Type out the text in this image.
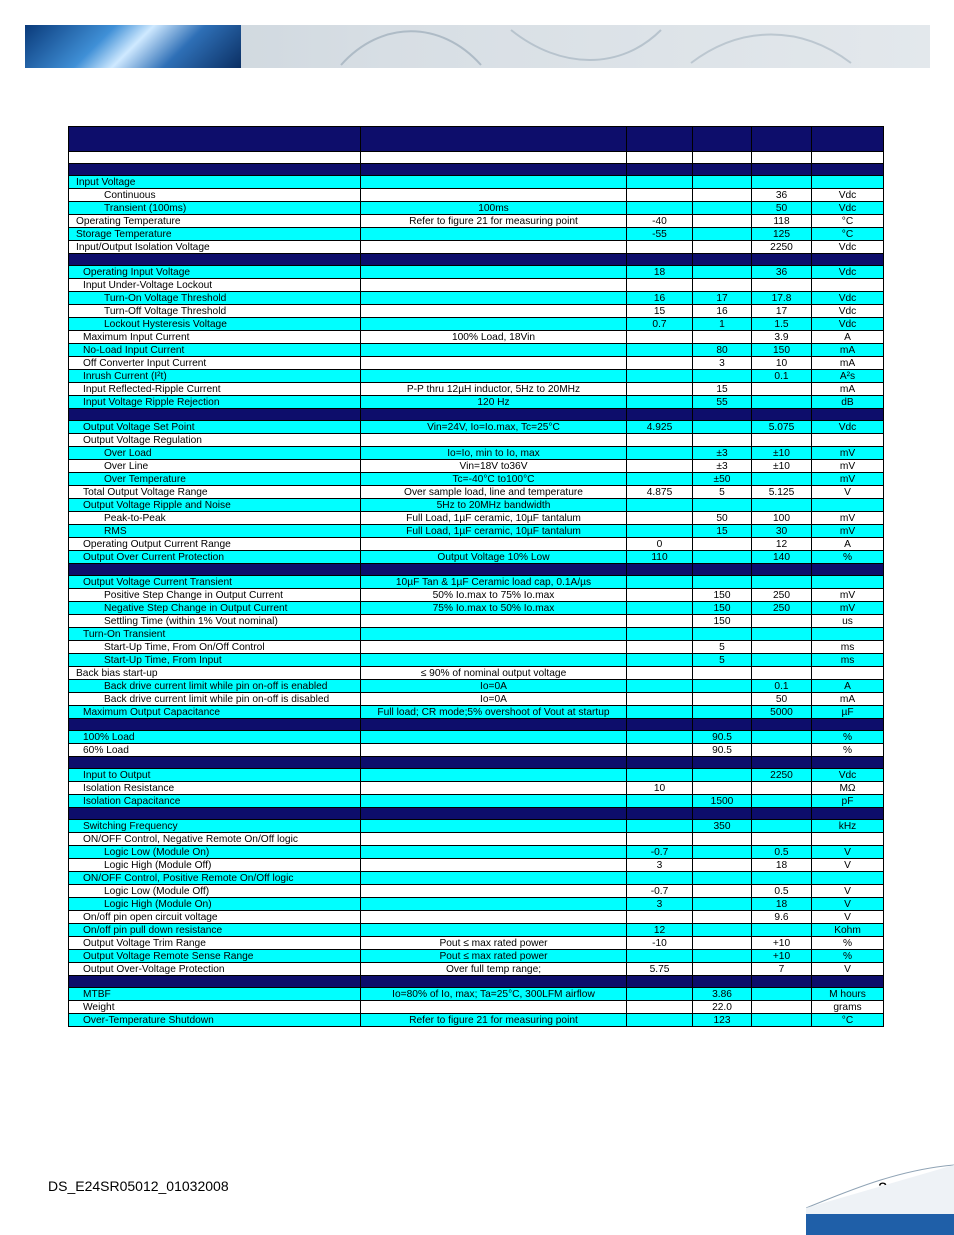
Input Voltage					
Continuous				36	Vdc
Transient (100ms)	100ms			50	Vdc
Operating Temperature	Refer to figure 21 for measuring point	-40		118	°C
Storage Temperature		-55		125	°C
Input/Output Isolation Voltage				2250	Vdc

Operating Input Voltage		18		36	Vdc
Input Under-Voltage Lockout					
Turn-On Voltage Threshold		16	17	17.8	Vdc
Turn-Off Voltage Threshold		15	16	17	Vdc
Lockout Hysteresis Voltage		0.7	1	1.5	Vdc
Maximum Input Current	100% Load, 18Vin			3.9	A
No-Load Input Current			80	150	mA
Off Converter Input Current			3	10	mA
Inrush Current (I²t)				0.1	A²s
Input Reflected-Ripple Current	P-P thru 12µH inductor, 5Hz to 20MHz		15		mA
Input Voltage Ripple Rejection	120 Hz		55		dB

Output Voltage Set Point	Vin=24V, Io=Io.max, Tc=25°C	4.925		5.075	Vdc
Output Voltage Regulation					
Over Load	Io=Io, min to Io, max		±3	±10	mV
Over Line	Vin=18V to36V		±3	±10	mV
Over Temperature	Tc=-40°C to100°C		±50		mV
Total Output Voltage Range	Over sample load, line and temperature	4.875	5	5.125	V
Output Voltage Ripple and Noise	5Hz to 20MHz bandwidth				
Peak-to-Peak	Full Load, 1µF ceramic, 10µF tantalum		50	100	mV
RMS	Full Load, 1µF ceramic, 10µF tantalum		15	30	mV
Operating Output Current Range		0		12	A
Output Over Current Protection	Output Voltage 10% Low	110		140	%

Output Voltage Current Transient	10µF Tan & 1µF Ceramic load cap, 0.1A/µs				
Positive Step Change in Output Current	50% Io.max to 75% Io.max		150	250	mV
Negative Step Change in Output Current	75% Io.max to 50% Io.max		150	250	mV
Settling Time (within 1% Vout nominal)			150		us
Turn-On Transient					
Start-Up Time, From On/Off Control			5		ms
Start-Up Time, From Input			5		ms
Back bias start-up	≤ 90% of nominal output voltage				
Back drive current limit while pin on-off is enabled	Io=0A			0.1	A
Back drive current limit while pin on-off is disabled	Io=0A			50	mA
Maximum Output Capacitance	Full load; CR mode;5% overshoot of Vout at startup			5000	µF

100% Load			90.5		%
60% Load			90.5		%

Input to Output				2250	Vdc
Isolation Resistance		10			MΩ
Isolation Capacitance			1500		pF

Switching Frequency			350		kHz
ON/OFF Control, Negative Remote On/Off logic					
Logic Low (Module On)		-0.7		0.5	V
Logic High (Module Off)		3		18	V
ON/OFF Control, Positive Remote On/Off logic					
Logic Low (Module Off)		-0.7		0.5	V
Logic High (Module On)		3		18	V
On/off pin open circuit voltage				9.6	V
On/off pin pull down resistance		12			Kohm
Output Voltage Trim Range	Pout ≤ max rated power	-10		+10	%
Output Voltage Remote Sense Range	Pout ≤ max rated power			+10	%
Output Over-Voltage Protection	Over full temp range;	5.75		7	V

MTBF	Io=80% of Io, max; Ta=25°C, 300LFM airflow		3.86		M hours
Weight			22.0		grams
Over-Temperature Shutdown	Refer to figure 21 for measuring point		123		°C
DS_E24SR05012_01032008
